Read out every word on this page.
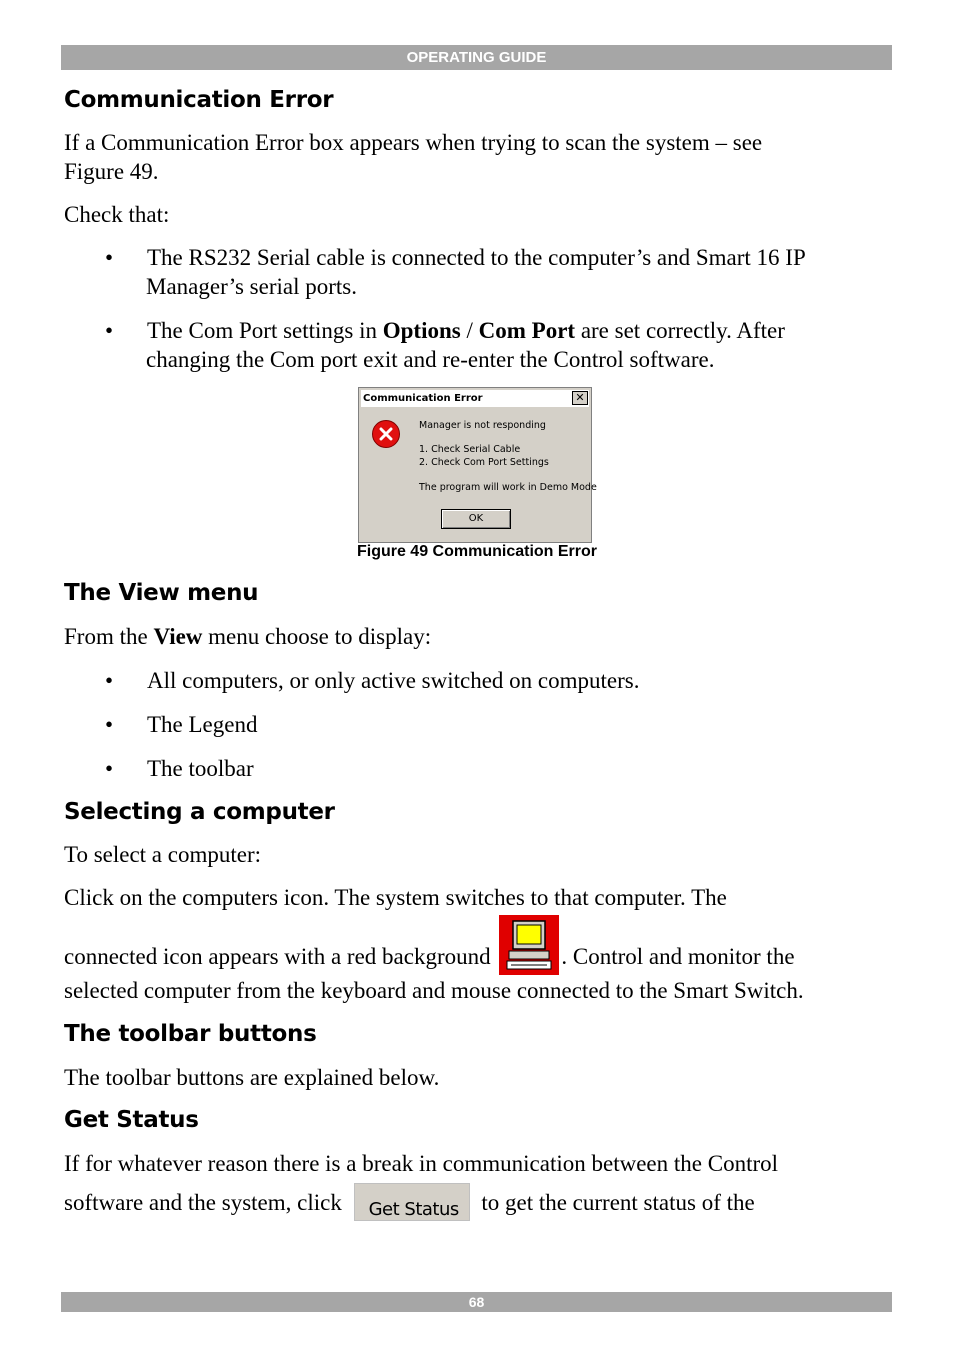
OPERATING GUIDE
Communication Error

If a Communication Error box appears when trying to scan the system – see

Figure 49.

Check that:

•	The RS232 Serial cable is connected to the computer’s and Smart 16 IP
Manager’s serial ports.
•	The Com Port settings in Options / Com Port are set correctly. After
changing the Com port exit and re-enter the Control software.
Communication Error	✕
Manager is not responding
1. Check Serial Cable
2. Check Com Port Settings
The program will work in Demo Mode
OK
Figure 49 Communication Error
The View menu

From the View menu choose to display:

•	All computers, or only active switched on computers.
•	The Legend
•	The toolbar
Selecting a computer

To select a computer:

Click on the computers icon. The system switches to that computer. The

connected icon appears with a red background	. Control and monitor the

selected computer from the keyboard and mouse connected to the Smart Switch.

The toolbar buttons

The toolbar buttons are explained below.

Get Status

If for whatever reason there is a break in communication between the Control

software and the system, click Get Status to get the current status of the

68
